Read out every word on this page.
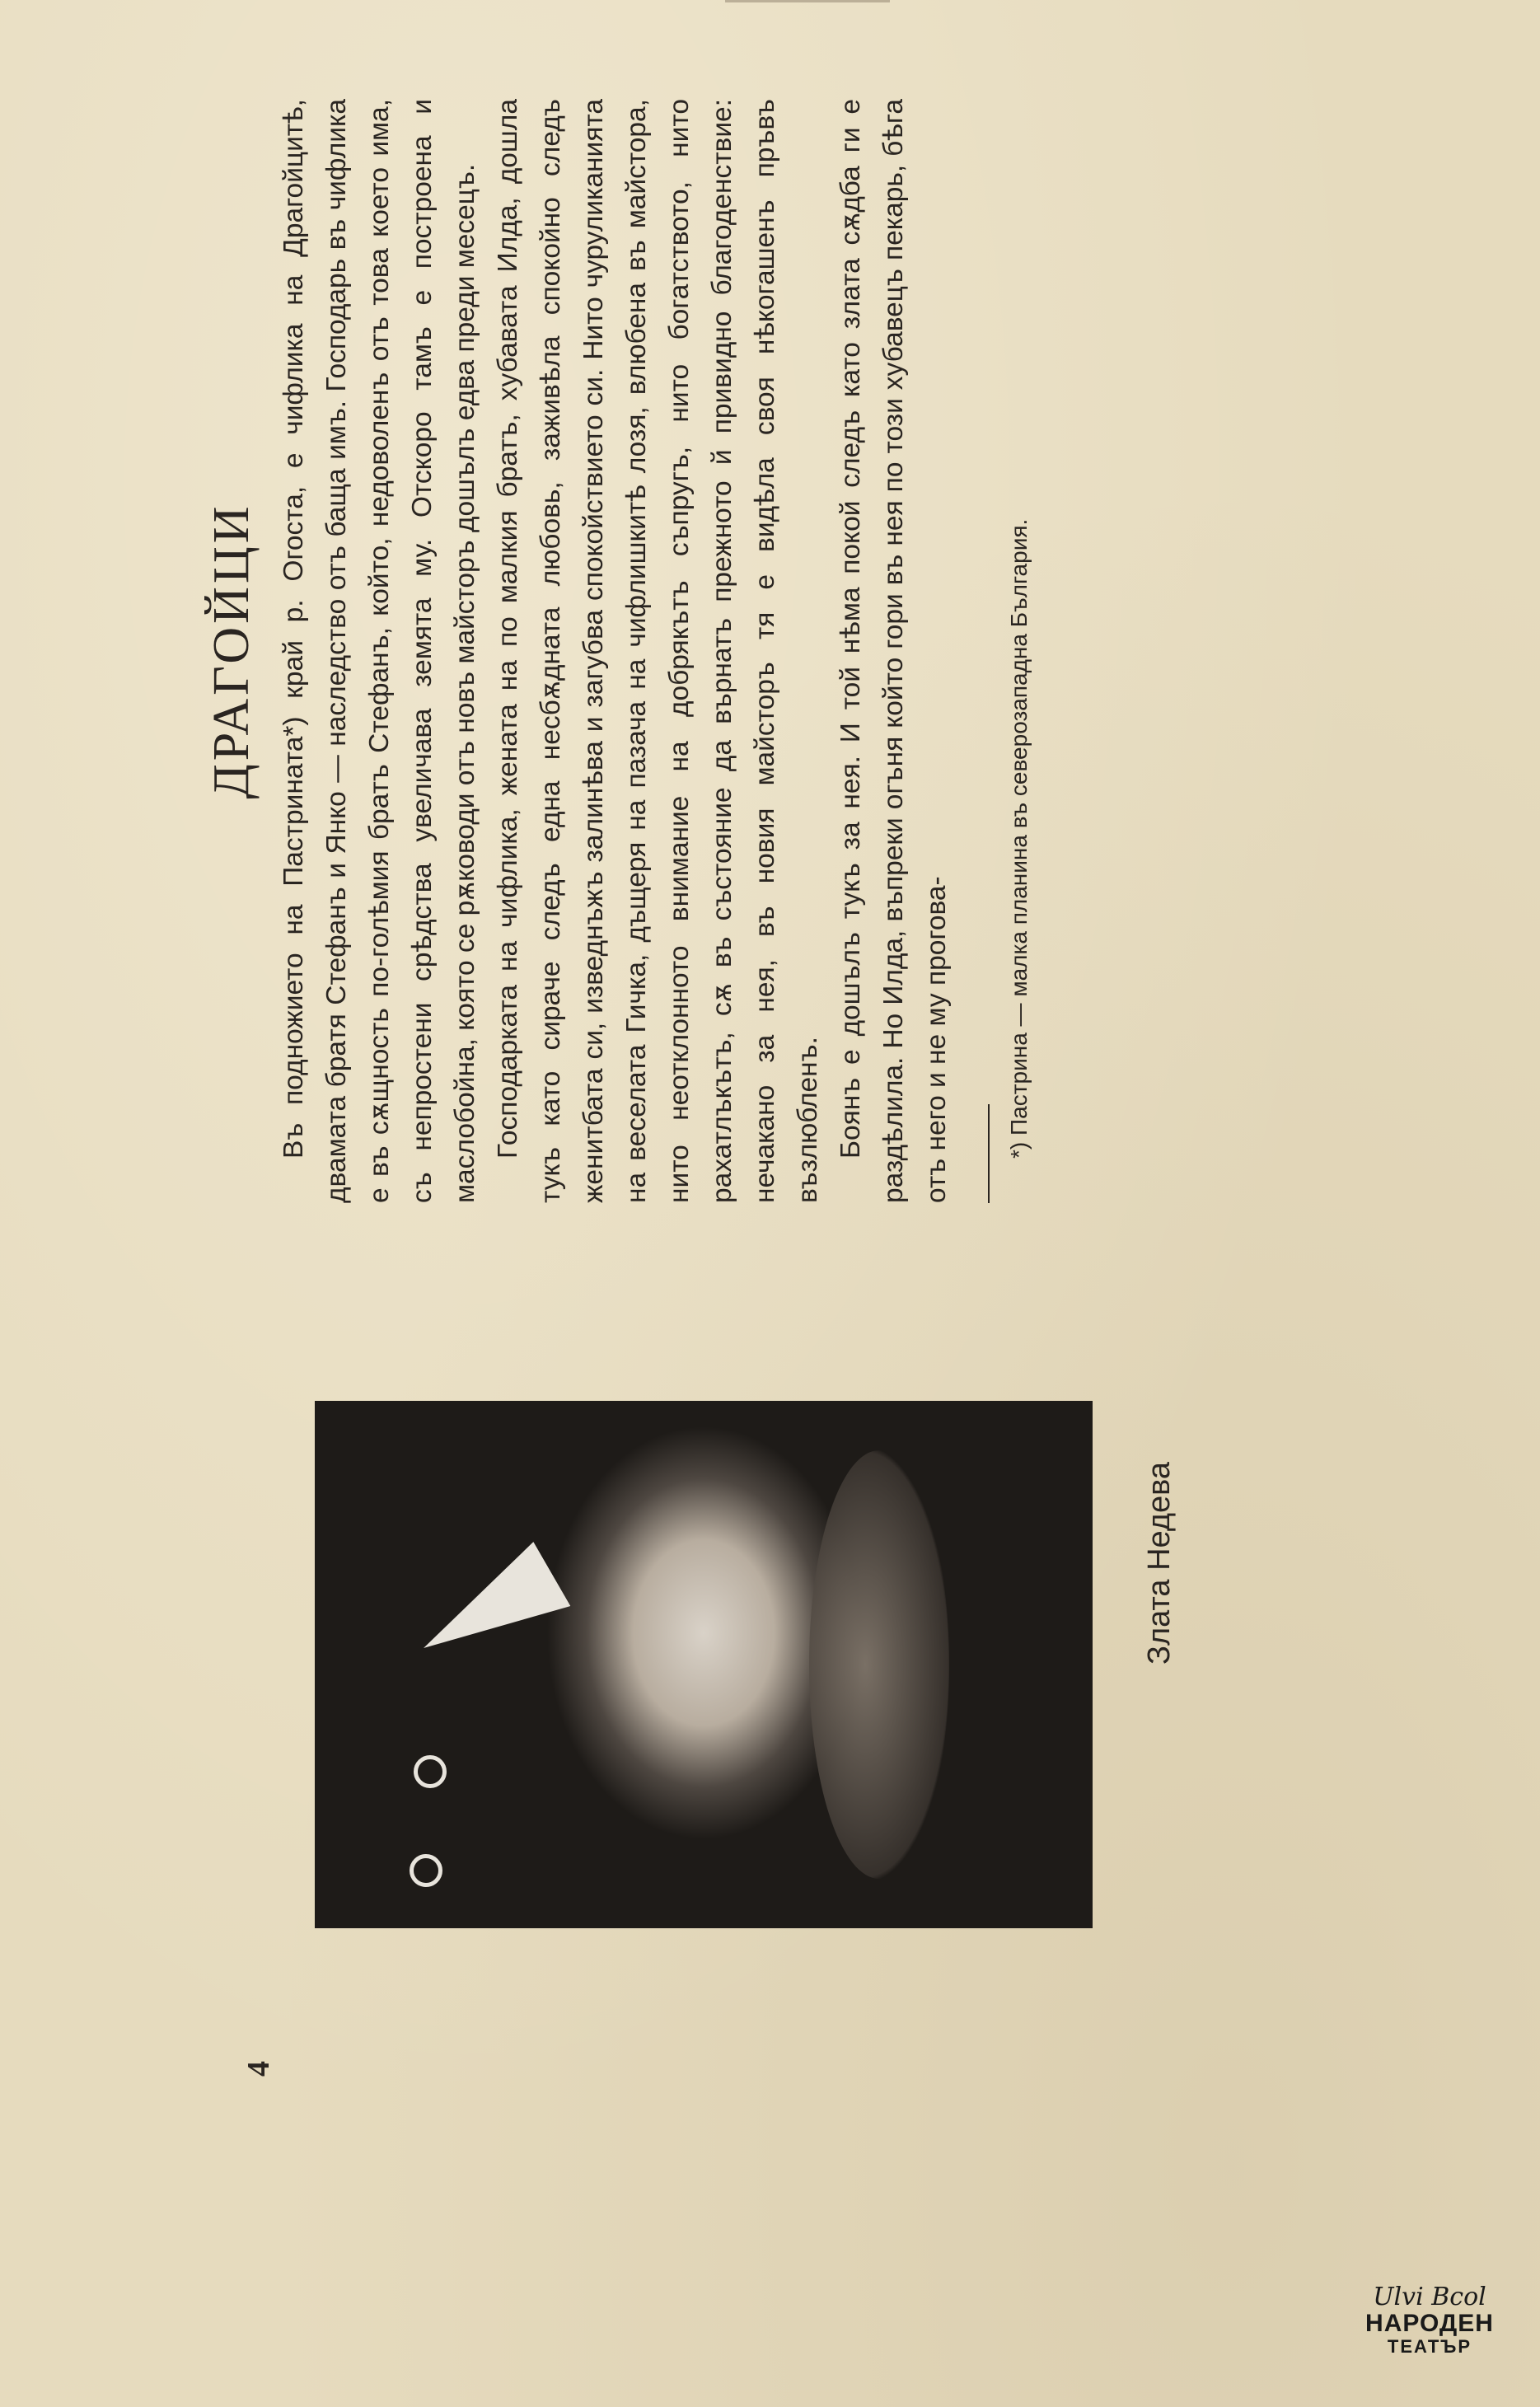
4
Злата Недева
ДРАГОЙЦИ Въ подножието на Пастрината*) край р. Огоста, е чифлика на Драгойцитѣ, двамата братя Стефанъ и Янко — наследство отъ баща имъ. Господарь въ чифлика е въ сѫщность по-голѣмия братъ Стефанъ, който, недоволенъ отъ това което има, съ непростени срѣдства увеличава земята му. Отскоро тамъ е построена и маслобойна, която се рѫководи отъ новъ майсторъ дошълъ едва преди месецъ. Господарката на чифлика, жената на по малкия братъ, хубавата Илда, дошла тукъ като сираче следъ една несбѫдната любовь, заживѣла спокойно следъ женитбата си, изведнъжъ залинѣва и загубва спокойствието си. Нито чуруликанията на веселата Гичка, дъщеря на пазача на чифлишкитѣ лозя, влюбена въ майстора, нито неотклонното внимание на добрякътъ съпругъ, нито богатството, нито рахатлъкътъ, сѫ въ състояние да върнатъ прежното й привидно благоденствие: нечакано за нея, въ новия майсторъ тя е видѣла своя нѣкогашенъ пръвъ възлюбленъ. Боянъ е дошълъ тукъ за нея. И той нѣма покой следъ като злата сѫдба ги е раздѣлила. Но Илда, въпреки огъня който гори въ нея по този хубавецъ пекарь, бѣга отъ него и не му прогова- *) Пастрина — малка планина въ северозападна България.

Ulvi Bcol
НАРОДЕН
ТЕАТЪР
